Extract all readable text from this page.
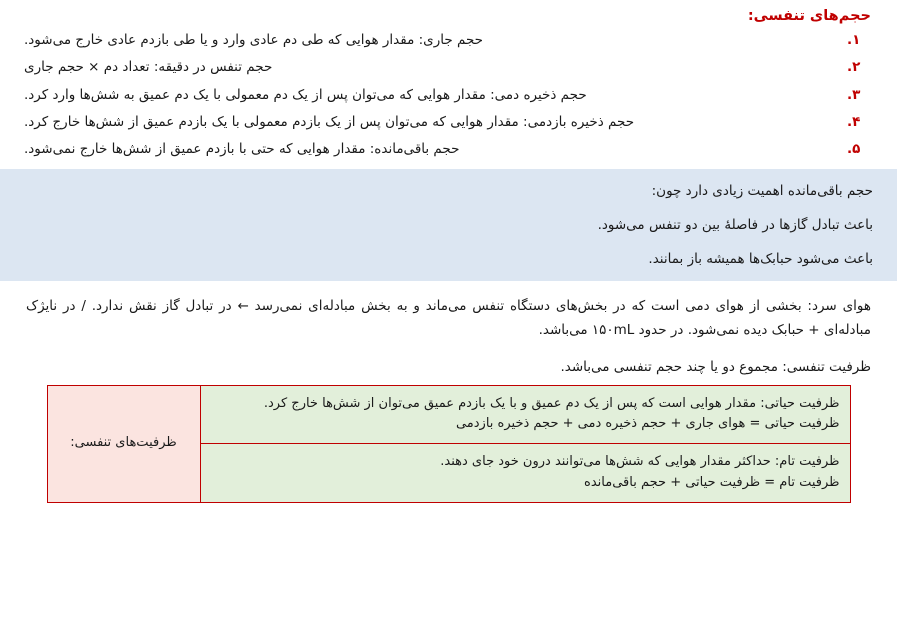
حجم‌های تنفسی:
۱.
حجم جاری: مقدار هوایی که طی دم عادی وارد و یا طی بازدم عادی خارج می‌شود.
۲.
حجم تنفس در دقیقه: تعداد دم × حجم جاری
۳.
حجم ذخیره دمی: مقدار هوایی که می‌توان پس از یک دم معمولی با یک دم عمیق به شش‌ها وارد کرد.
۴.
حجم ذخیره بازدمی: مقدار هوایی که می‌توان پس از یک بازدم معمولی با یک بازدم عمیق از شش‌ها خارج کرد.
۵.
حجم باقی‌مانده: مقدار هوایی که حتی با بازدم عمیق از شش‌ها خارج نمی‌شود.

حجم باقی‌مانده اهمیت زیادی دارد چون:

باعث تبادل گازها در فاصلۀ بین دو تنفس می‌شود.

باعث می‌شود حبابک‌ها همیشه باز بمانند.

هوای سرد: بخشی از هوای دمی است که در بخش‌های دستگاه تنفس می‌ماند و به بخش مبادله‌ای نمی‌رسد ← در تبادل گاز نقش ندارد. / در نایژک مبادله‌ای + حبابک دیده نمی‌شود. در حدود ۱۵۰mL می‌باشد.

ظرفیت تنفسی: مجموع دو یا چند حجم تنفسی می‌باشد.

ظرفیت حیاتی: مقدار هوایی است که پس از یک دم عمیق و با یک بازدم عمیق می‌توان از شش‌ها خارج کرد.
ظرفیت حیاتی = هوای جاری + حجم ذخیره دمی + حجم ذخیره بازدمی
	ظرفیت‌های تنفسی:
ظرفیت تام: حداکثر مقدار هوایی که شش‌ها می‌توانند درون خود جای دهند.
ظرفیت تام = ظرفیت حیاتی + حجم باقی‌مانده
